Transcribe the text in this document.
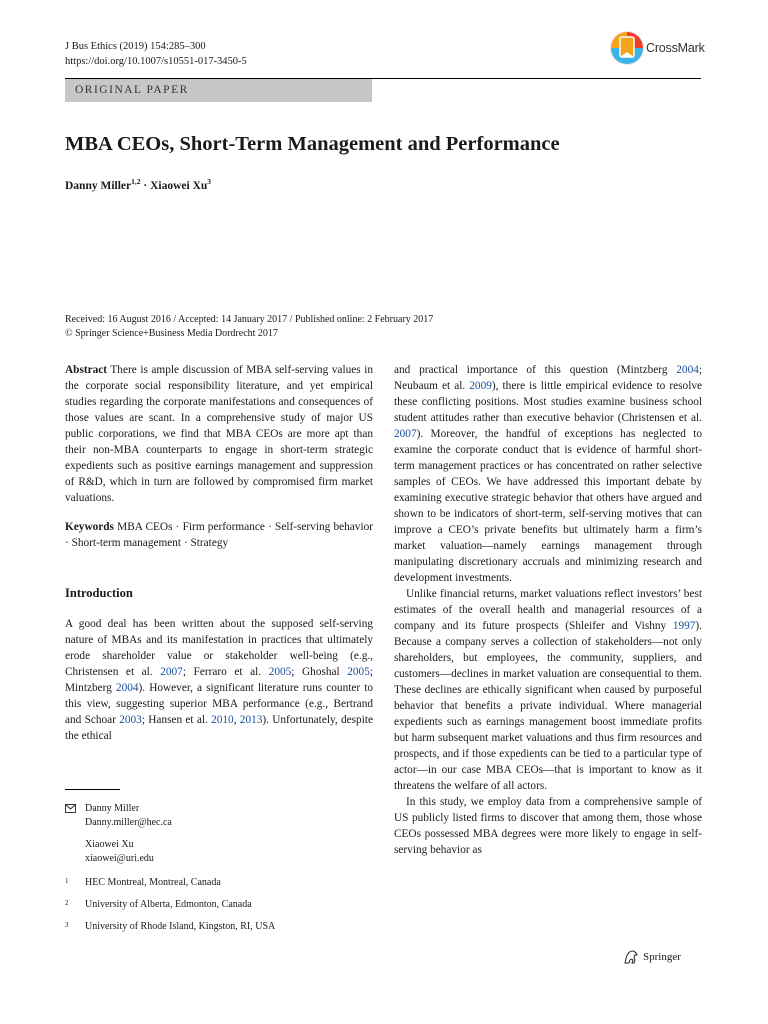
J Bus Ethics (2019) 154:285–300
https://doi.org/10.1007/s10551-017-3450-5
CrossMark
ORIGINAL PAPER
MBA CEOs, Short-Term Management and Performance
Danny Miller$^{1,2}$ · Xiaowei Xu$^3$
Received: 16 August 2016 / Accepted: 14 January 2017 / Published online: 2 February 2017
© Springer Science+Business Media Dordrecht 2017

Abstract There is ample discussion of MBA self-serving values in the corporate social responsibility literature, and yet empirical studies regarding the corporate manifestations and consequences of those values are scant. In a comprehensive study of major US public corporations, we find that MBA CEOs are more apt than their non-MBA counterparts to engage in short-term strategic expedients such as positive earnings management and suppression of R&D, which in turn are followed by compromised firm market valuations.

Keywords MBA CEOs · Firm performance · Self-serving behavior · Short-term management · Strategy

Introduction

A good deal has been written about the supposed self-serving nature of MBAs and its manifestation in practices that ultimately erode shareholder value or stakeholder well-being (e.g., Christensen et al. 2007; Ferraro et al. 2005; Ghoshal 2005; Mintzberg 2004). However, a significant literature runs counter to this view, suggesting superior MBA performance (e.g., Bertrand and Schoar 2003; Hansen et al. 2010, 2013). Unfortunately, despite the ethical

and practical importance of this question (Mintzberg 2004; Neubaum et al. 2009), there is little empirical evidence to resolve these conflicting positions. Most studies examine business school student attitudes rather than executive behavior (Christensen et al. 2007). Moreover, the handful of exceptions has neglected to examine the corporate conduct that is evidence of harmful short-term management practices or has concentrated on rather selective samples of CEOs. We have addressed this important debate by examining executive strategic behavior that others have argued and shown to be indicators of short-term, self-serving motives that can improve a CEO’s private benefits but ultimately harm a firm’s market valuation—namely earnings management through manipulating discretionary accruals and minimizing research and development investments.

Unlike financial returns, market valuations reflect investors’ best estimates of the overall health and managerial resources of a company and its future prospects (Shleifer and Vishny 1997). Because a company serves a collection of stakeholders—not only shareholders, but employees, the community, suppliers, and customers—declines in market valuation are consequential to them. These declines are ethically significant when caused by purposeful behavior that benefits a private individual. Where managerial expedients such as earnings management boost immediate profits but harm subsequent market valuations and thus firm resources and prospects, and if those expedients can be tied to a particular type of actor—in our case MBA CEOs—that is important to know as it threatens the welfare of all actors.

In this study, we employ data from a comprehensive sample of US publicly listed firms to discover that among them, those whose CEOs possessed MBA degrees were more likely to engage in self-serving behavior as

Danny Miller
Danny.miller@hec.ca
Xiaowei Xu
xiaowei@uri.edu
1	HEC Montreal, Montreal, Canada
2	University of Alberta, Edmonton, Canada
3	University of Rhode Island, Kingston, RI, USA
Springer
